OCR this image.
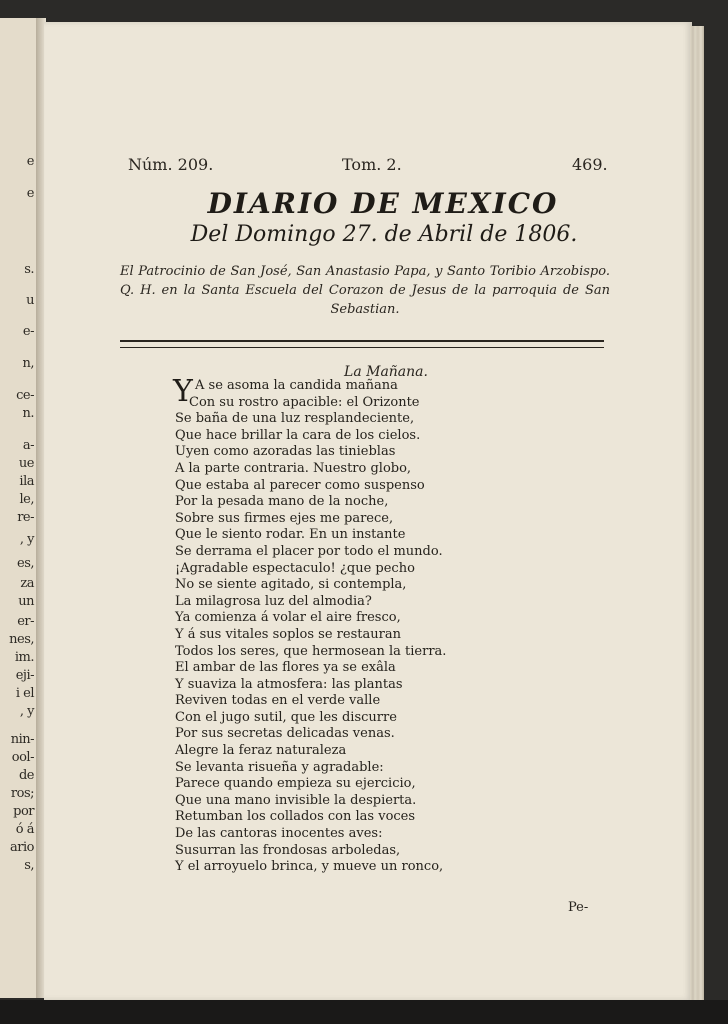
e
e
s.
u
e-
n,
ce-
n.
a-
ue
ila
le,
re-
, y
es,
za
un
er-
nes,
im.
eji-
i el
, y
nin-
ool-
de
ros;
por
ó á
ario
s,
Núm. 209.	Tom. 2.	469.
DIARIO DE MEXICO
Del Domingo 27. de Abril de 1806.
El Patrocinio de San José, San Anastasio Papa, y Santo Toribio Arzobispo. Q. H. en la Santa Escuela del Corazon de Jesus de la parroquia de San Sebastian.
La Mañana.
Y A se asoma la candida mañana
Con su rostro apacible: el Orizonte
Se baña de una luz resplandeciente,
Que hace brillar la cara de los cielos.
Uyen como azoradas las tinieblas
A la parte contraria. Nuestro globo,
Que estaba al parecer como suspenso
Por la pesada mano de la noche,
Sobre sus firmes ejes me parece,
Que le siento rodar. En un instante
Se derrama el placer por todo el mundo.
¡Agradable espectaculo! ¿que pecho
No se siente agitado, si contempla,
La milagrosa luz del almodia?
Ya comienza á volar el aire fresco,
Y á sus vitales soplos se restauran
Todos los seres, que hermosean la tierra.
El ambar de las flores ya se exâla
Y suaviza la atmosfera: las plantas
Reviven todas en el verde valle
Con el jugo sutil, que les discurre
Por sus secretas delicadas venas.
Alegre la feraz naturaleza
Se levanta risueña y agradable:
Parece quando empieza su ejercicio,
Que una mano invisible la despierta.
Retumban los collados con las voces
De las cantoras inocentes aves:
Susurran las frondosas arboledas,
Y el arroyuelo brinca, y mueve un ronco,
Pe-
